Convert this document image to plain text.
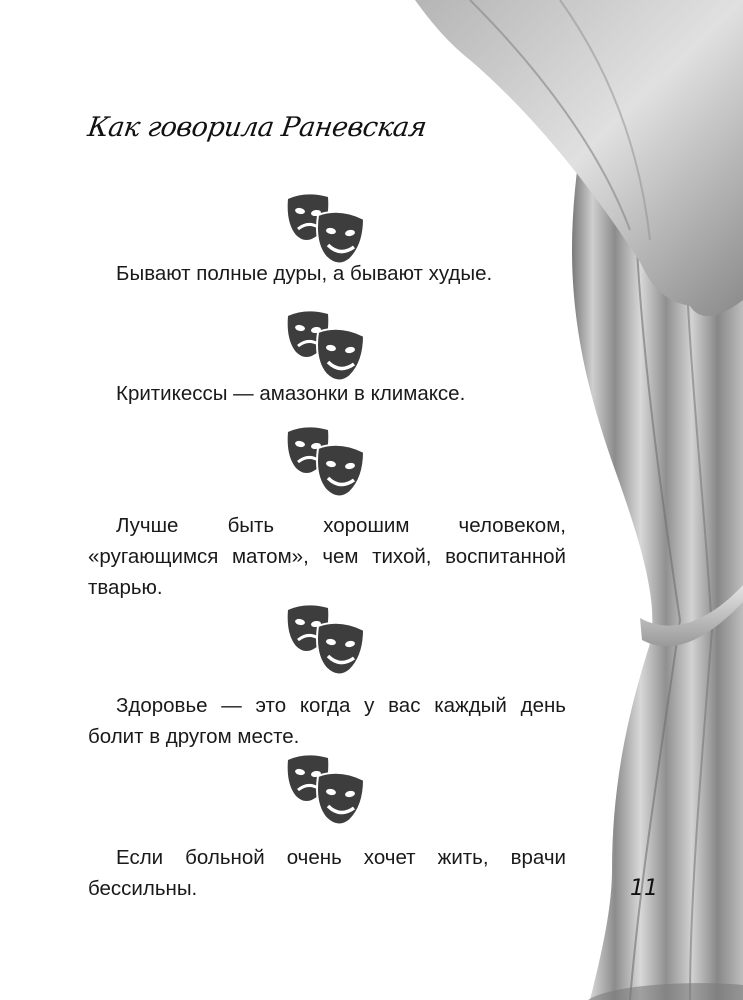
Как говорила Раневская

Бывают полные дуры, а бывают худые.

Критикессы — амазонки в климаксе.

Лучше быть хорошим человеком, «ругающимся матом», чем тихой, воспитанной тварью.

Здоровье — это когда у вас каждый день болит в другом месте.

Если больной очень хочет жить, врачи бессильны.	11
